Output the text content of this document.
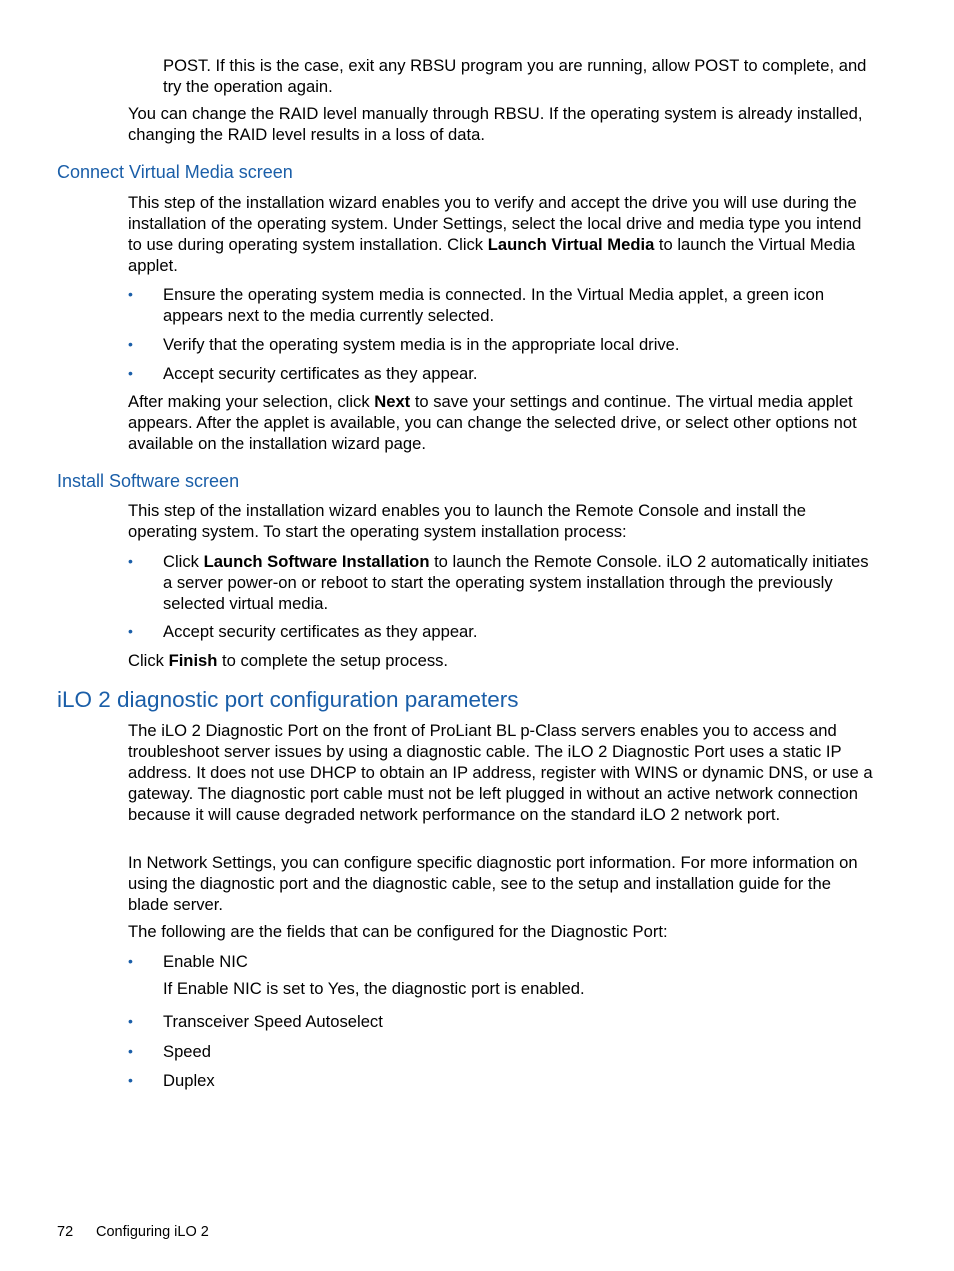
POST. If this is the case, exit any RBSU program you are running, allow POST to complete, and try the operation again.

You can change the RAID level manually through RBSU. If the operating system is already installed, changing the RAID level results in a loss of data.

Connect Virtual Media screen

This step of the installation wizard enables you to verify and accept the drive you will use during the installation of the operating system. Under Settings, select the local drive and media type you intend to use during operating system installation. Click Launch Virtual Media to launch the Virtual Media applet.

•	Ensure the operating system media is connected. In the Virtual Media applet, a green icon appears next to the media currently selected.

•	Verify that the operating system media is in the appropriate local drive.

•	Accept security certificates as they appear.

After making your selection, click Next to save your settings and continue. The virtual media applet appears. After the applet is available, you can change the selected drive, or select other options not available on the installation wizard page.

Install Software screen

This step of the installation wizard enables you to launch the Remote Console and install the operating system. To start the operating system installation process:

•	Click Launch Software Installation to launch the Remote Console. iLO 2 automatically initiates a server power-on or reboot to start the operating system installation through the previously selected virtual media.

•	Accept security certificates as they appear.

Click Finish to complete the setup process.

iLO 2 diagnostic port configuration parameters

The iLO 2 Diagnostic Port on the front of ProLiant BL p-Class servers enables you to access and troubleshoot server issues by using a diagnostic cable. The iLO 2 Diagnostic Port uses a static IP address. It does not use DHCP to obtain an IP address, register with WINS or dynamic DNS, or use a gateway. The diagnostic port cable must not be left plugged in without an active network connection because it will cause degraded network performance on the standard iLO 2 network port.

In Network Settings, you can configure specific diagnostic port information. For more information on using the diagnostic port and the diagnostic cable, see to the setup and installation guide for the blade server.

The following are the fields that can be configured for the Diagnostic Port:

•	Enable NIC

If Enable NIC is set to Yes, the diagnostic port is enabled.

•	Transceiver Speed Autoselect

•	Speed

•	Duplex

72 Configuring iLO 2
